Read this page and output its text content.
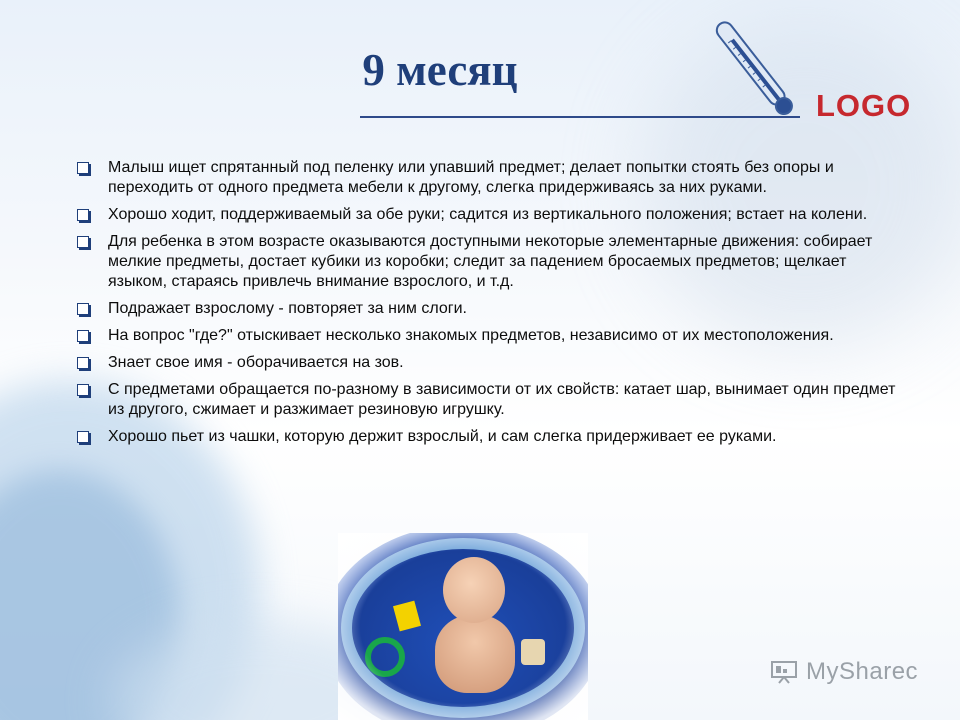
9 месяц
LOGO
Малыш ищет спрятанный под пеленку или упавший предмет; делает попытки стоять без опоры и переходить от одного предмета мебели к другому, слегка придерживаясь за них руками.
Хорошо ходит, поддерживаемый за обе руки; садится из вертикального положения; встает на колени.
Для ребенка в этом возрасте оказываются доступными некоторые элементарные движения: собирает мелкие предметы, достает кубики из коробки; следит за падением бросаемых предметов; щелкает языком, стараясь привлечь внимание взрослого, и т.д.
Подражает взрослому - повторяет за ним слоги.
На вопрос "где?" отыскивает несколько знакомых предметов, независимо от их местоположения.
Знает свое имя - оборачивается на зов.
С предметами обращается по-разному в зависимости от их свойств: катает шар, вынимает один предмет из другого, сжимает и разжимает резиновую игрушку.
Хорошо пьет из чашки, которую держит взрослый, и сам слегка придерживает ее руками.
MySharec
